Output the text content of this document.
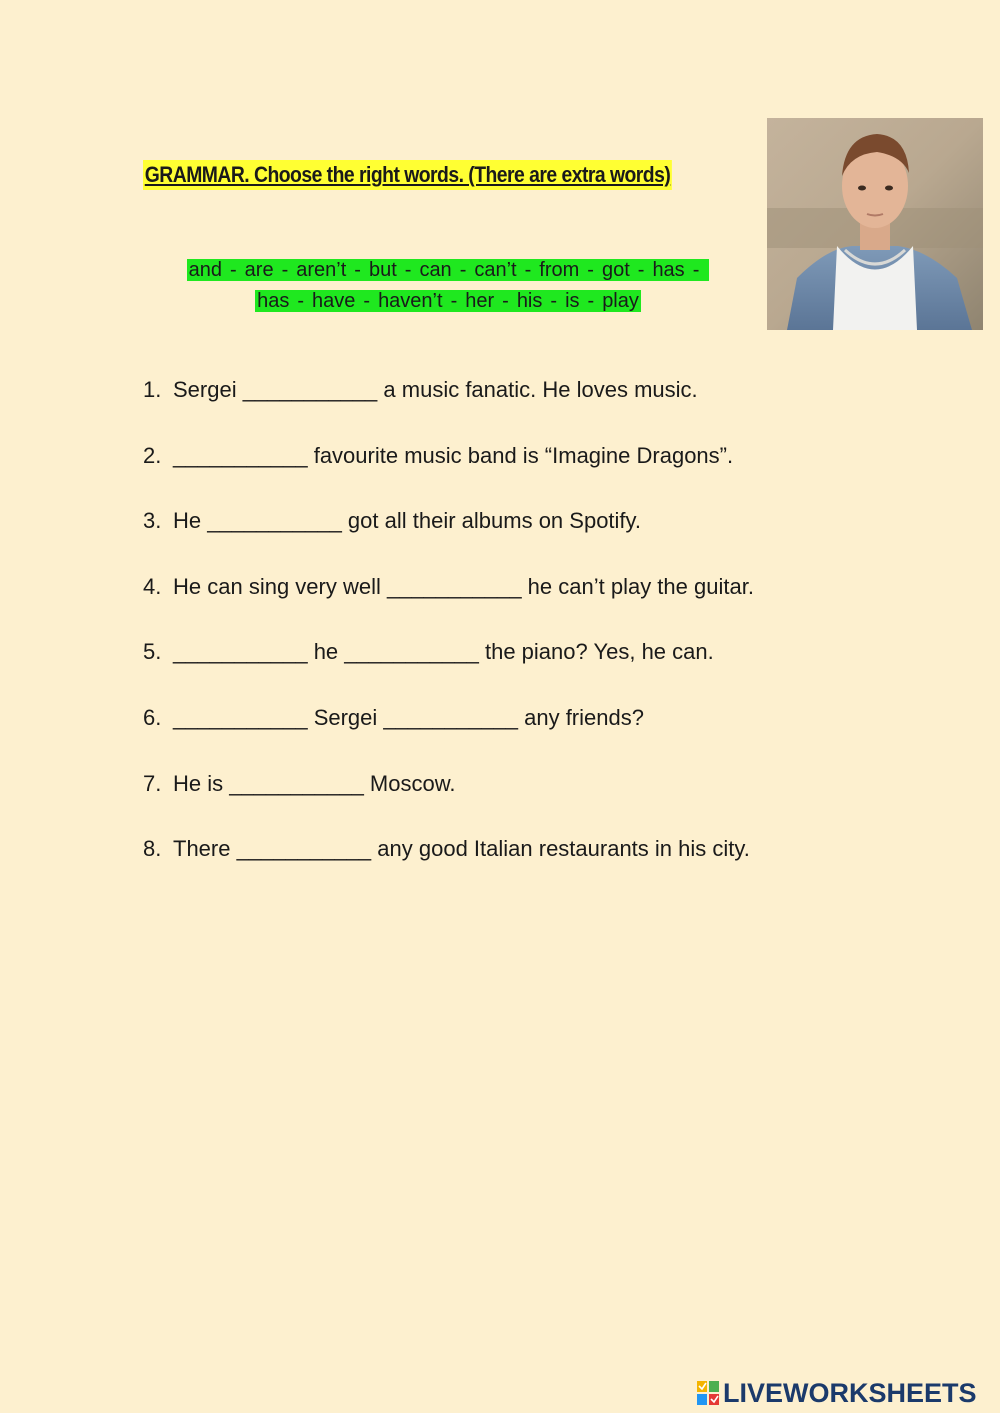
GRAMMAR. Choose the right words. (There are extra words)
and - are - aren’t - but - can - can’t - from - got - has -
has - have - haven’t - her - his - is - play
1. Sergei ___________ a music fanatic. He loves music.
2. ___________ favourite music band is “Imagine Dragons”.
3. He ___________ got all their albums on Spotify.
4. He can sing very well ___________ he can’t play the guitar.
5. ___________ he ___________ the piano? Yes, he can.
6. ___________ Sergei ___________ any friends?
7. He is ___________ Moscow.
8. There ___________ any good Italian restaurants in his city.
LIVEWORKSHEETS
